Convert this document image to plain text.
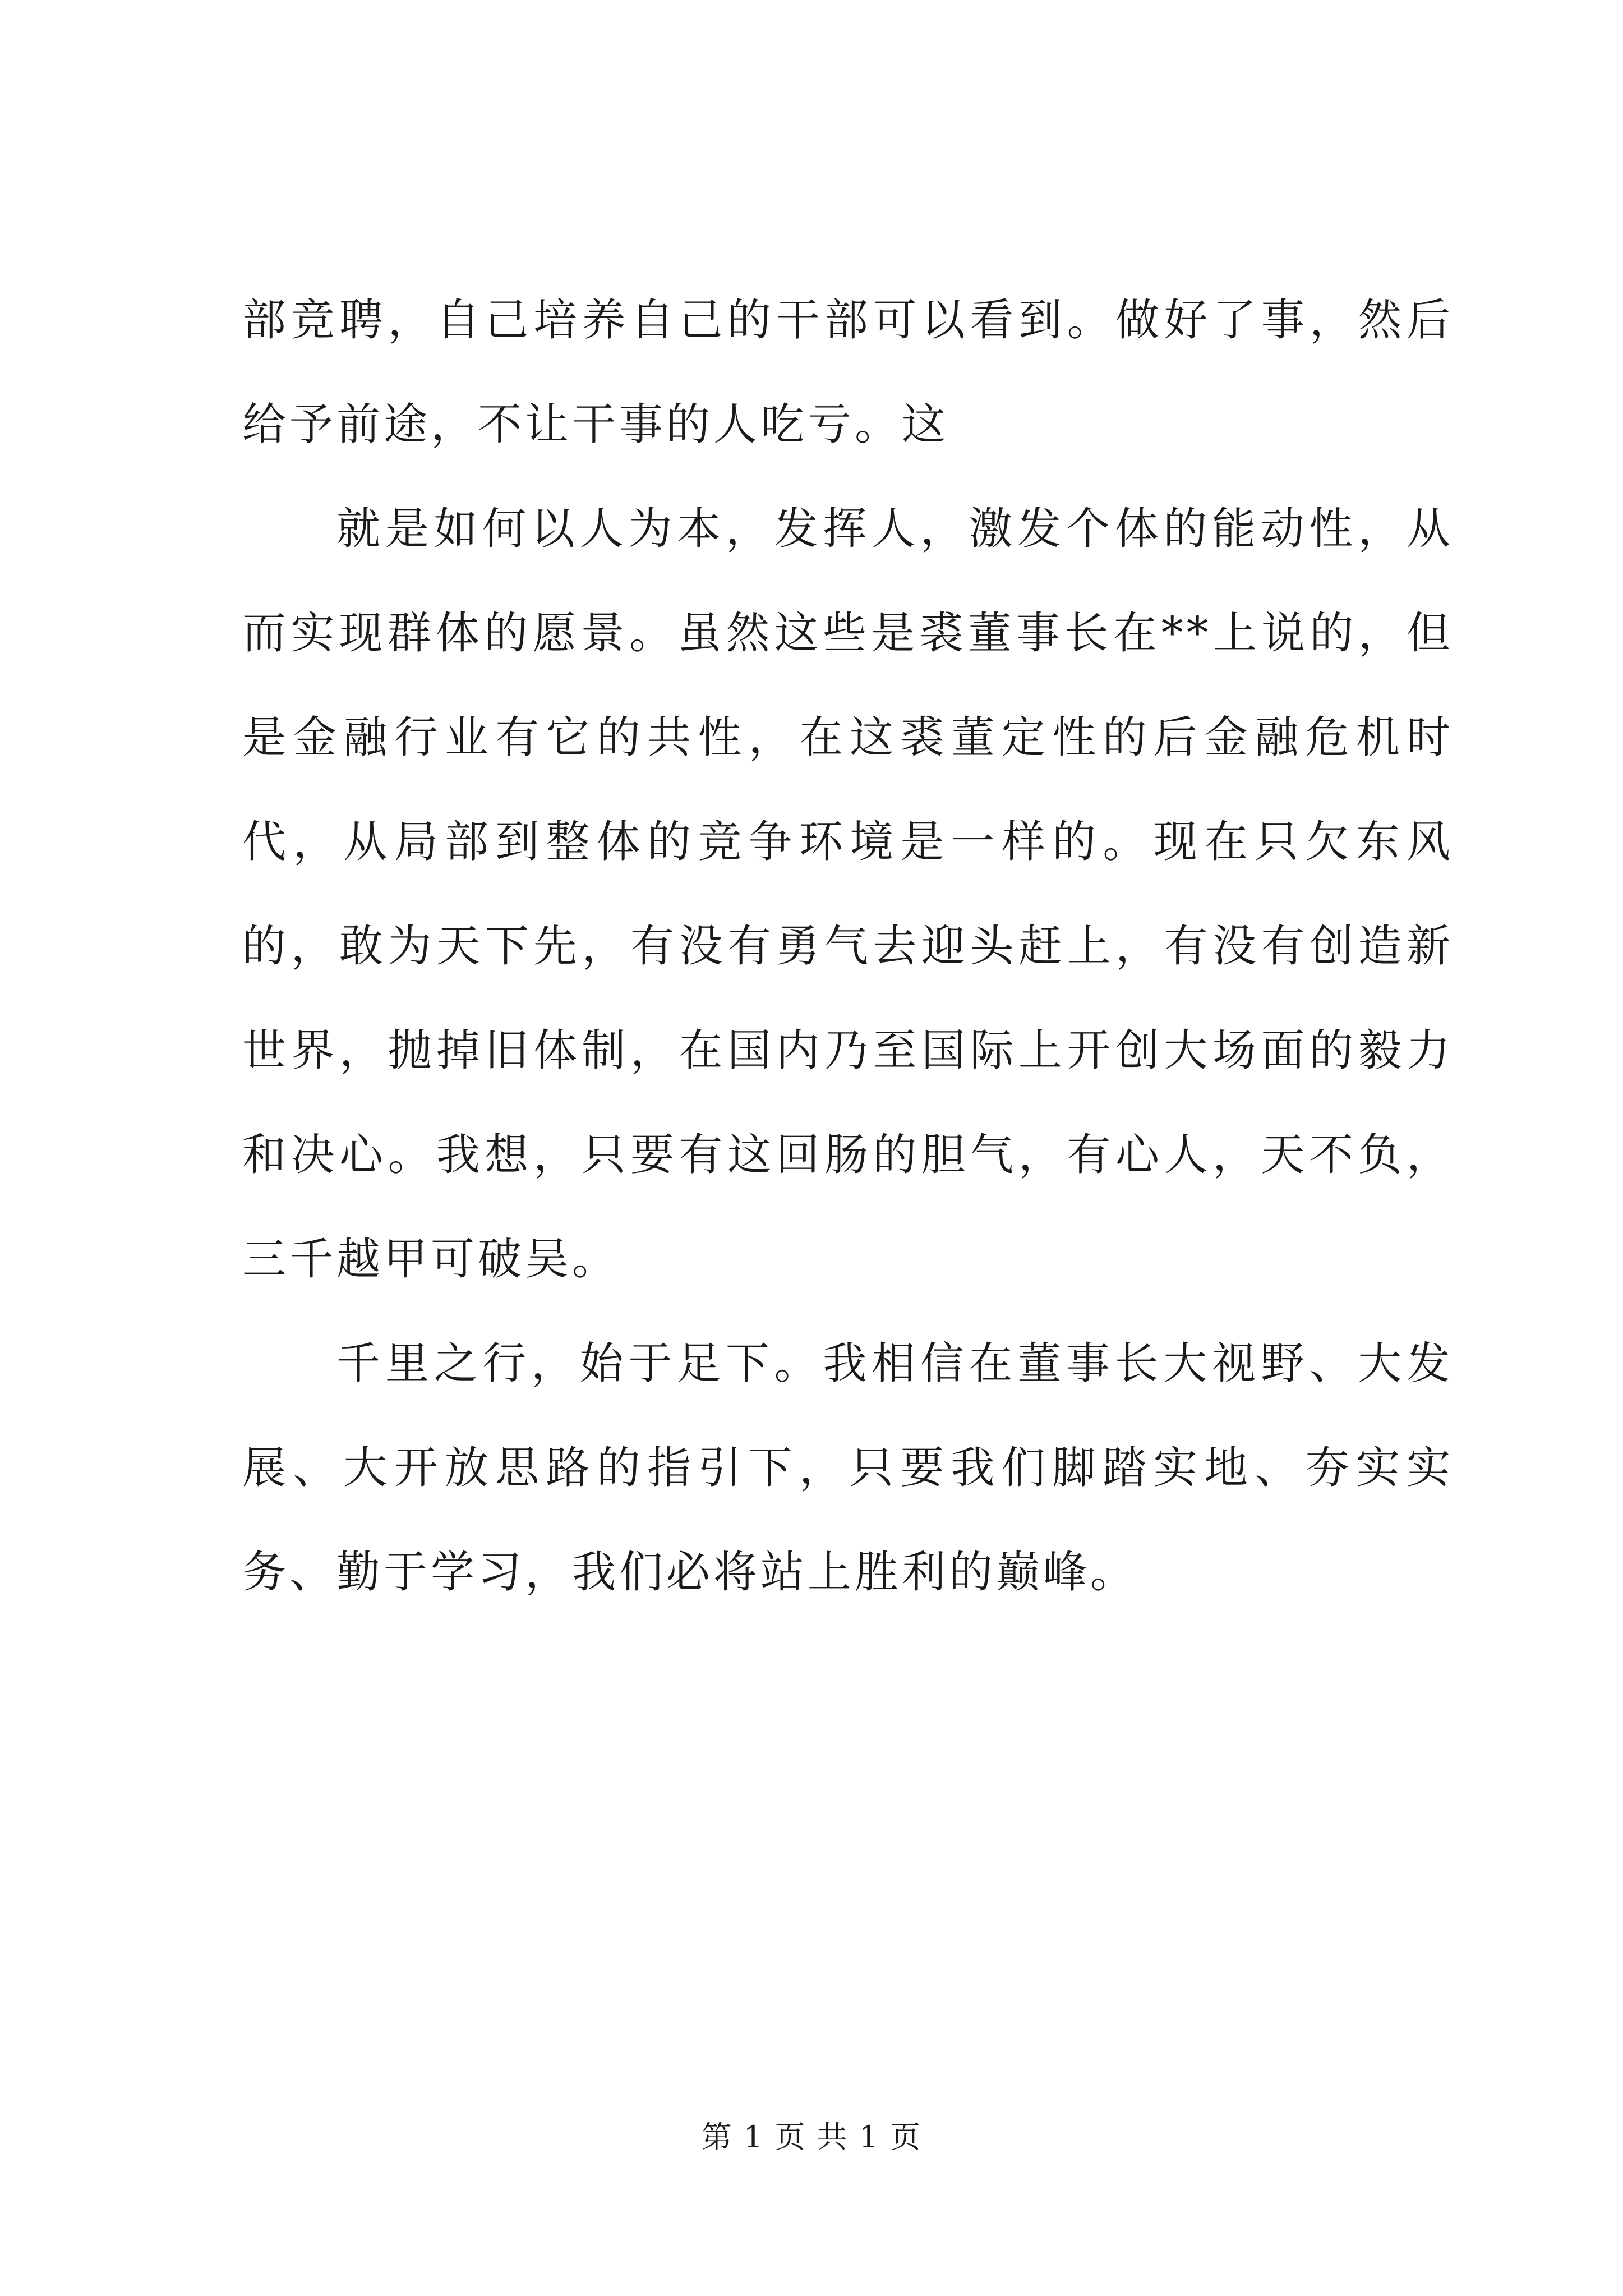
部竞聘，自己培养自己的干部可以看到。做好了事，然后给予前途，不让干事的人吃亏。这

就是如何以人为本，发挥人，激发个体的能动性，从而实现群体的愿景。虽然这些是裘董事长在**上说的，但是金融行业有它的共性，在这裘董定性的后金融危机时代，从局部到整体的竞争环境是一样的。现在只欠东风的，敢为天下先，有没有勇气去迎头赶上，有没有创造新世界，抛掉旧体制，在国内乃至国际上开创大场面的毅力和决心。我想，只要有这回肠的胆气，有心人，天不负，三千越甲可破吴。

千里之行，始于足下。我相信在董事长大视野、大发展、大开放思路的指引下，只要我们脚踏实地、夯实实务、勤于学习，我们必将站上胜利的巅峰。

第 1 页 共 1 页
